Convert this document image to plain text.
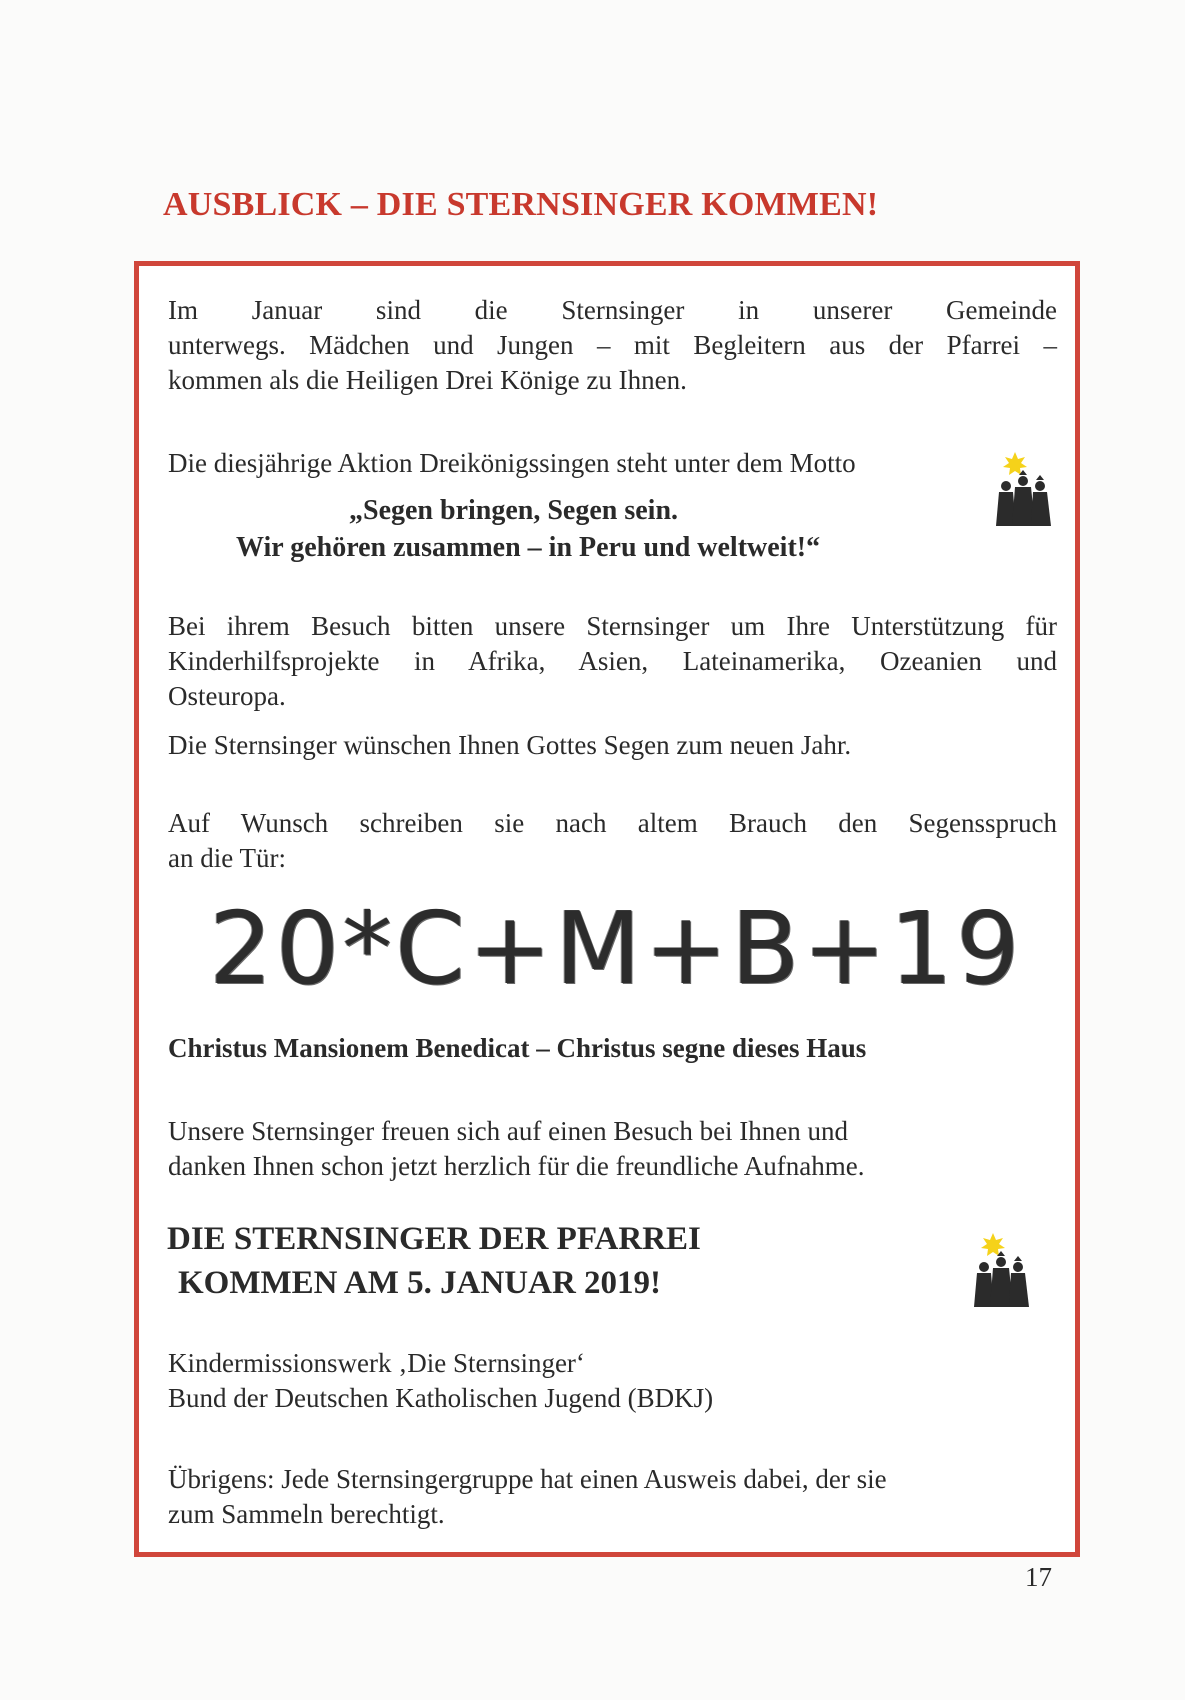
AUSBLICK – DIE STERNSINGER KOMMEN!
Im Januar sind die Sternsinger in unserer Gemeinde
unterwegs. Mädchen und Jungen – mit Begleitern aus der Pfarrei –
kommen als die Heiligen Drei Könige zu Ihnen.
Die diesjährige Aktion Dreikönigssingen steht unter dem Motto
„Segen bringen, Segen sein.
Wir gehören zusammen – in Peru und weltweit!“
Bei ihrem Besuch bitten unsere Sternsinger um Ihre Unterstützung für
Kinderhilfsprojekte in Afrika, Asien, Lateinamerika, Ozeanien und
Osteuropa.
Die Sternsinger wünschen Ihnen Gottes Segen zum neuen Jahr.
Auf Wunsch schreiben sie nach altem Brauch den Segensspruch
an die Tür:
20*C+M+B+19
Christus Mansionem Benedicat – Christus segne dieses Haus
Unsere Sternsinger freuen sich auf einen Besuch bei Ihnen und
danken Ihnen schon jetzt herzlich für die freundliche Aufnahme.
DIE STERNSINGER DER PFARREI
KOMMEN AM 5. JANUAR 2019!
Kindermissionswerk ‚Die Sternsinger‘
Bund der Deutschen Katholischen Jugend (BDKJ)
Übrigens: Jede Sternsingergruppe hat einen Ausweis dabei, der sie
zum Sammeln berechtigt.
17
